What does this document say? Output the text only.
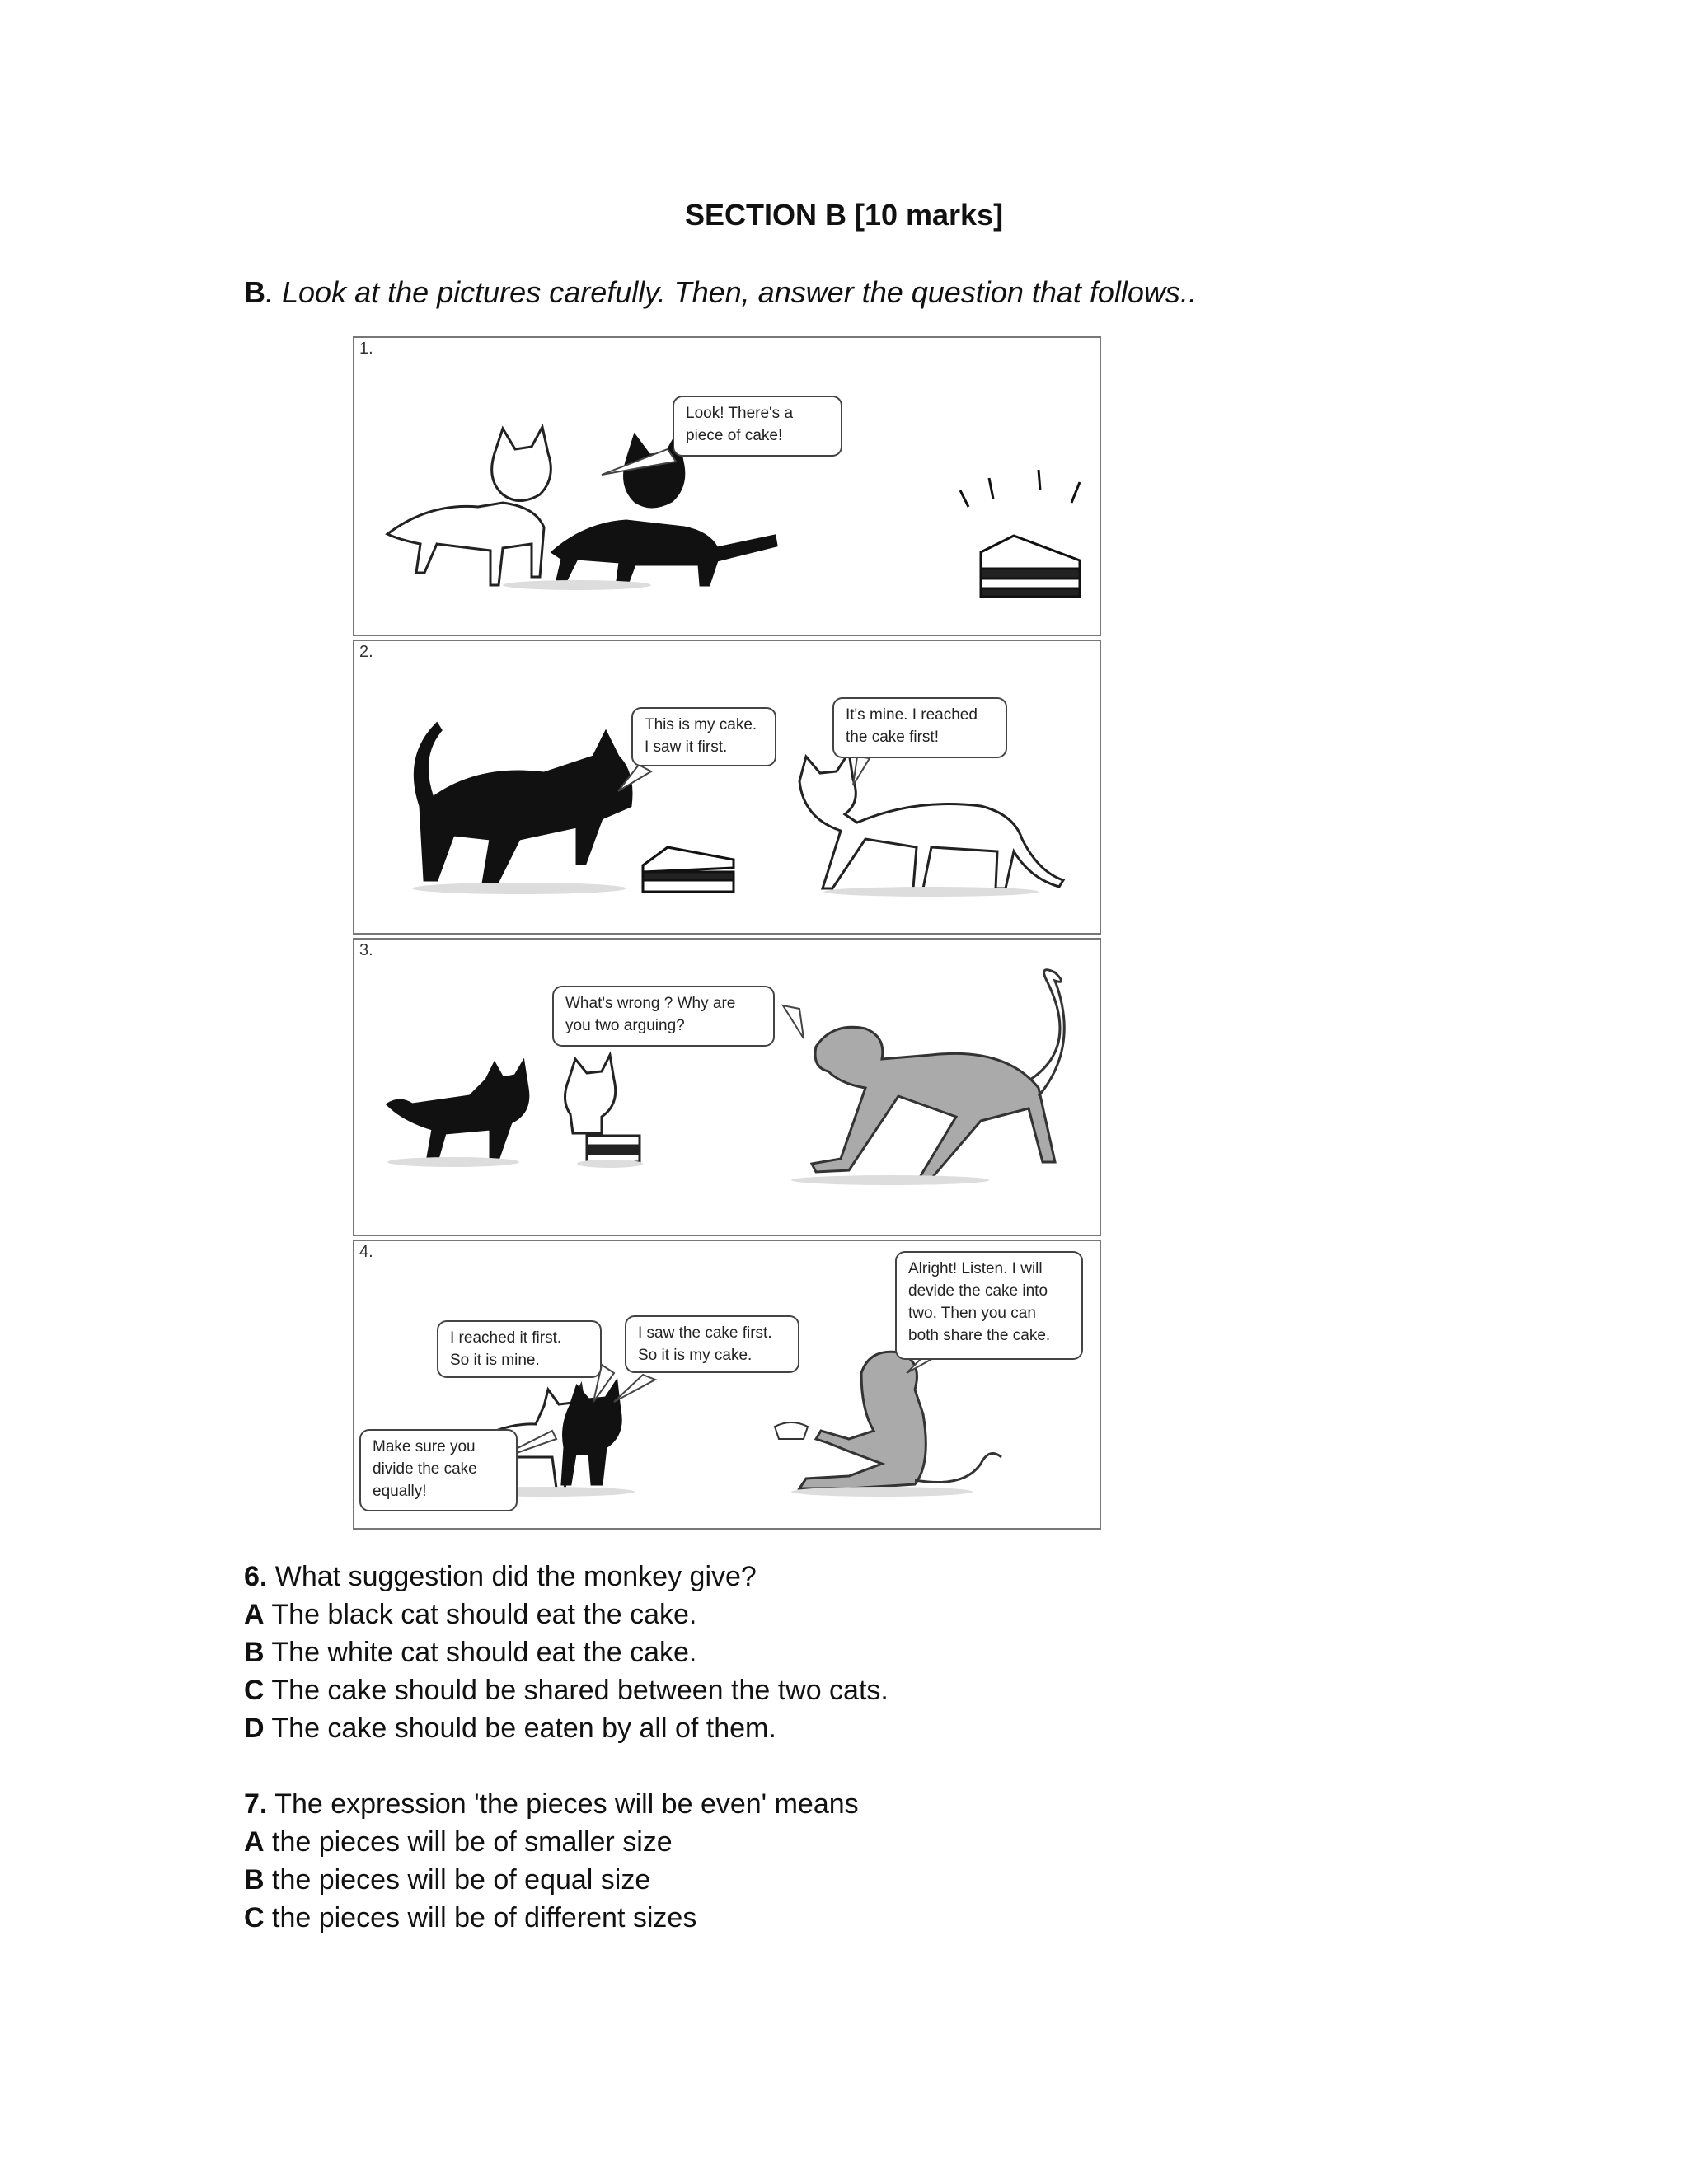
SECTION B [10 marks]
B. Look at the pictures carefully. Then, answer the question that follows..
1.
Look! There's a
piece of cake!
2.
This is my cake.
I saw it first.
It's mine. I reached
the cake first!
3.
What's wrong ? Why are
you two arguing?
4.
I reached it first.
So it is mine.
I saw the cake first.
So it is my cake.
Alright! Listen. I will
devide the cake into
two. Then you can
both share the cake.
Make sure you
divide the cake
equally!
6. What suggestion did the monkey give?
A The black cat should eat the cake.
B The white cat should eat the cake.
C The cake should be shared between the two cats.
D The cake should be eaten by all of them.
7. The expression 'the pieces will be even' means
A the pieces will be of smaller size
B the pieces will be of equal size
C the pieces will be of different sizes
